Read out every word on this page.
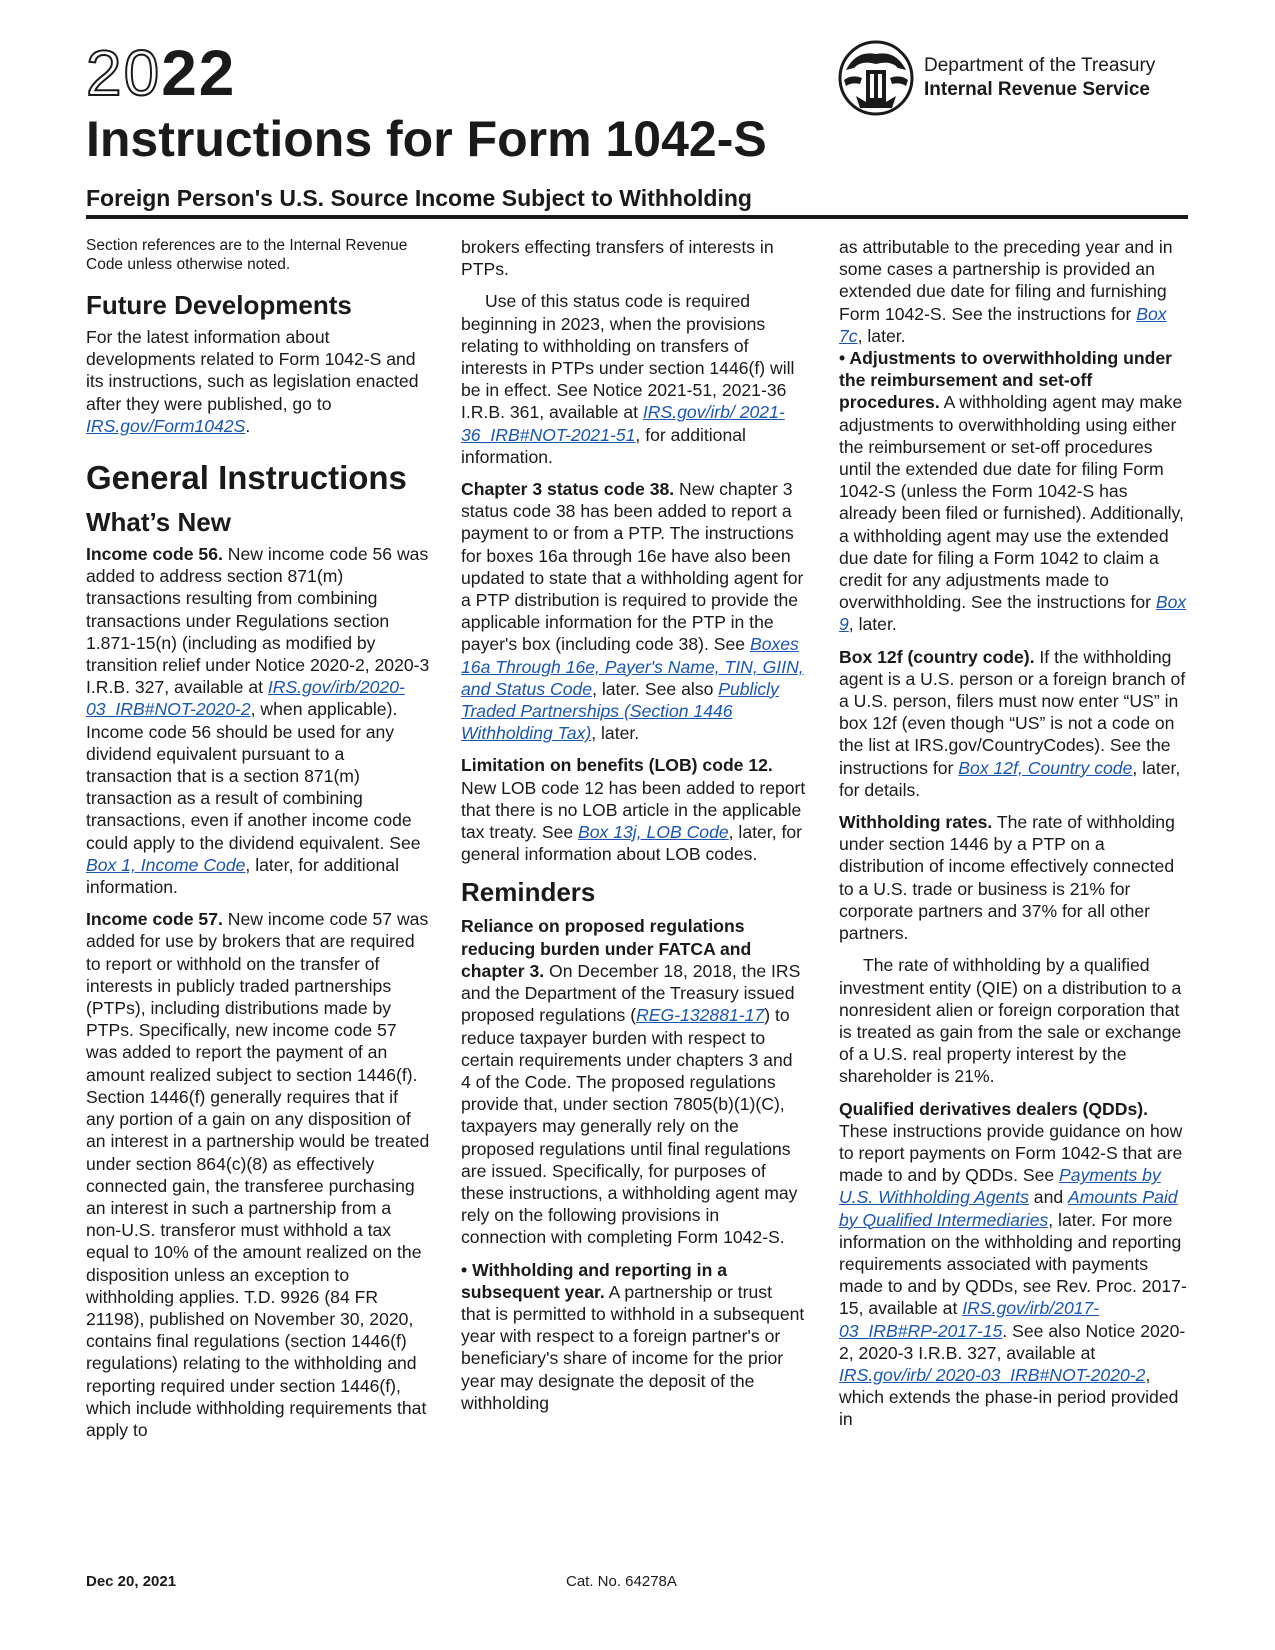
2022
Instructions for Form 1042-S
Foreign Person's U.S. Source Income Subject to Withholding
Department of the Treasury
Internal Revenue Service

Section references are to the Internal Revenue Code unless otherwise noted.

Future Developments

For the latest information about developments related to Form 1042-S and its instructions, such as legislation enacted after they were published, go to IRS.gov/Form1042S.

General Instructions
What’s New

Income code 56. New income code 56 was added to address section 871(m) transactions resulting from combining transactions under Regulations section 1.871-15(n) (including as modified by transition relief under Notice 2020-2, 2020-3 I.R.B. 327, available at IRS.gov/irb/2020-03_IRB#NOT-2020-2, when applicable). Income code 56 should be used for any dividend equivalent pursuant to a transaction that is a section 871(m) transaction as a result of combining transactions, even if another income code could apply to the dividend equivalent. See Box 1, Income Code, later, for additional information.

Income code 57. New income code 57 was added for use by brokers that are required to report or withhold on the transfer of interests in publicly traded partnerships (PTPs), including distributions made by PTPs. Specifically, new income code 57 was added to report the payment of an amount realized subject to section 1446(f). Section 1446(f) generally requires that if any portion of a gain on any disposition of an interest in a partnership would be treated under section 864(c)(8) as effectively connected gain, the transferee purchasing an interest in such a partnership from a non-U.S. transferor must withhold a tax equal to 10% of the amount realized on the disposition unless an exception to withholding applies. T.D. 9926 (84 FR 21198), published on November 30, 2020, contains final regulations (section 1446(f) regulations) relating to the withholding and reporting required under section 1446(f), which include withholding requirements that apply to

brokers effecting transfers of interests in PTPs.

Use of this status code is required beginning in 2023, when the provisions relating to withholding on transfers of interests in PTPs under section 1446(f) will be in effect. See Notice 2021-51, 2021-36 I.R.B. 361, available at IRS.gov/irb/ 2021-36_IRB#NOT-2021-51, for additional information.

Chapter 3 status code 38. New chapter 3 status code 38 has been added to report a payment to or from a PTP. The instructions for boxes 16a through 16e have also been updated to state that a withholding agent for a PTP distribution is required to provide the applicable information for the PTP in the payer's box (including code 38). See Boxes 16a Through 16e, Payer's Name, TIN, GIIN, and Status Code, later. See also Publicly Traded Partnerships (Section 1446 Withholding Tax), later.

Limitation on benefits (LOB) code 12. New LOB code 12 has been added to report that there is no LOB article in the applicable tax treaty. See Box 13j, LOB Code, later, for general information about LOB codes.

Reminders

Reliance on proposed regulations reducing burden under FATCA and chapter 3. On December 18, 2018, the IRS and the Department of the Treasury issued proposed regulations (REG-132881-17) to reduce taxpayer burden with respect to certain requirements under chapters 3 and 4 of the Code. The proposed regulations provide that, under section 7805(b)(1)(C), taxpayers may generally rely on the proposed regulations until final regulations are issued. Specifically, for purposes of these instructions, a withholding agent may rely on the following provisions in connection with completing Form 1042-S.

• Withholding and reporting in a subsequent year. A partnership or trust that is permitted to withhold in a subsequent year with respect to a foreign partner's or beneficiary's share of income for the prior year may designate the deposit of the withholding

as attributable to the preceding year and in some cases a partnership is provided an extended due date for filing and furnishing Form 1042-S. See the instructions for Box 7c, later.

• Adjustments to overwithholding under the reimbursement and set-off procedures. A withholding agent may make adjustments to overwithholding using either the reimbursement or set-off procedures until the extended due date for filing Form 1042-S (unless the Form 1042-S has already been filed or furnished). Additionally, a withholding agent may use the extended due date for filing a Form 1042 to claim a credit for any adjustments made to overwithholding. See the instructions for Box 9, later.

Box 12f (country code). If the withholding agent is a U.S. person or a foreign branch of a U.S. person, filers must now enter “US” in box 12f (even though “US” is not a code on the list at IRS.gov/CountryCodes). See the instructions for Box 12f, Country code, later, for details.

Withholding rates. The rate of withholding under section 1446 by a PTP on a distribution of income effectively connected to a U.S. trade or business is 21% for corporate partners and 37% for all other partners.

The rate of withholding by a qualified investment entity (QIE) on a distribution to a nonresident alien or foreign corporation that is treated as gain from the sale or exchange of a U.S. real property interest by the shareholder is 21%.

Qualified derivatives dealers (QDDs). These instructions provide guidance on how to report payments on Form 1042-S that are made to and by QDDs. See Payments by U.S. Withholding Agents and Amounts Paid by Qualified Intermediaries, later. For more information on the withholding and reporting requirements associated with payments made to and by QDDs, see Rev. Proc. 2017-15, available at IRS.gov/irb/2017-03_IRB#RP-2017-15. See also Notice 2020-2, 2020-3 I.R.B. 327, available at IRS.gov/irb/ 2020-03_IRB#NOT-2020-2, which extends the phase-in period provided in

Dec 20, 2021	Cat. No. 64278A
